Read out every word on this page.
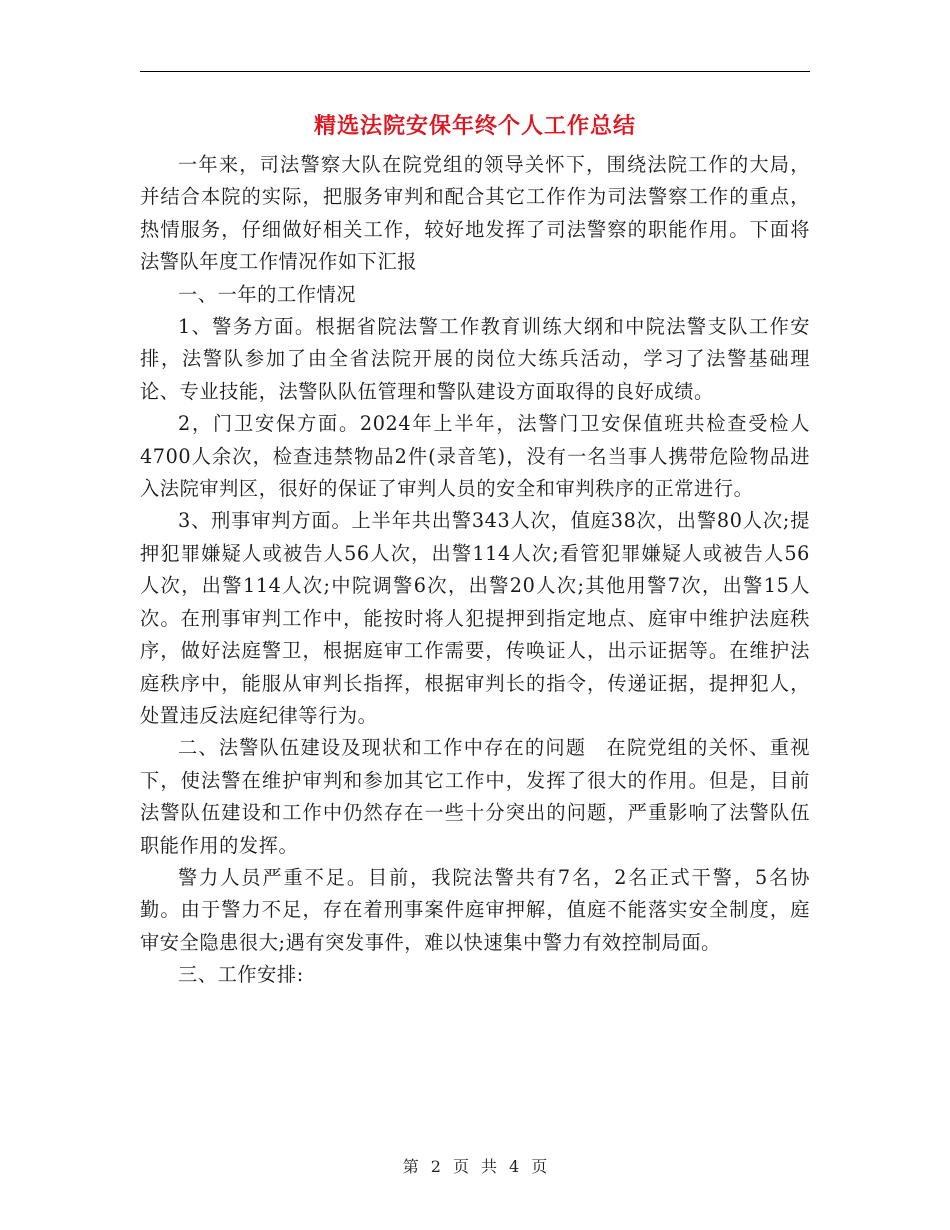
精选法院安保年终个人工作总结

一年来，司法警察大队在院党组的领导关怀下，围绕法院工作的大局，并结合本院的实际，把服务审判和配合其它工作作为司法警察工作的重点，热情服务，仔细做好相关工作，较好地发挥了司法警察的职能作用。下面将法警队年度工作情况作如下汇报

一、一年的工作情况

1、警务方面。根据省院法警工作教育训练大纲和中院法警支队工作安排，法警队参加了由全省法院开展的岗位大练兵活动，学习了法警基础理论、专业技能，法警队队伍管理和警队建设方面取得的良好成绩。

2，门卫安保方面。2024年上半年，法警门卫安保值班共检查受检人4700人余次，检查违禁物品2件(录音笔)，没有一名当事人携带危险物品进入法院审判区，很好的保证了审判人员的安全和审判秩序的正常进行。

3、刑事审判方面。上半年共出警343人次，值庭38次，出警80人次;提押犯罪嫌疑人或被告人56人次，出警114人次;看管犯罪嫌疑人或被告人56 人次，出警114人次;中院调警6次，出警20人次;其他用警7次，出警15人次。在刑事审判工作中，能按时将人犯提押到指定地点、庭审中维护法庭秩序，做好法庭警卫，根据庭审工作需要，传唤证人，出示证据等。在维护法庭秩序中，能服从审判长指挥，根据审判长的指令，传递证据，提押犯人，处置违反法庭纪律等行为。

二、法警队伍建设及现状和工作中存在的问题　在院党组的关怀、重视下，使法警在维护审判和参加其它工作中，发挥了很大的作用。但是，目前法警队伍建设和工作中仍然存在一些十分突出的问题，严重影响了法警队伍职能作用的发挥。

警力人员严重不足。目前，我院法警共有7名，2名正式干警，5名协勤。由于警力不足，存在着刑事案件庭审押解，值庭不能落实安全制度，庭审安全隐患很大;遇有突发事件，难以快速集中警力有效控制局面。

三、工作安排:

第 2 页 共 4 页
